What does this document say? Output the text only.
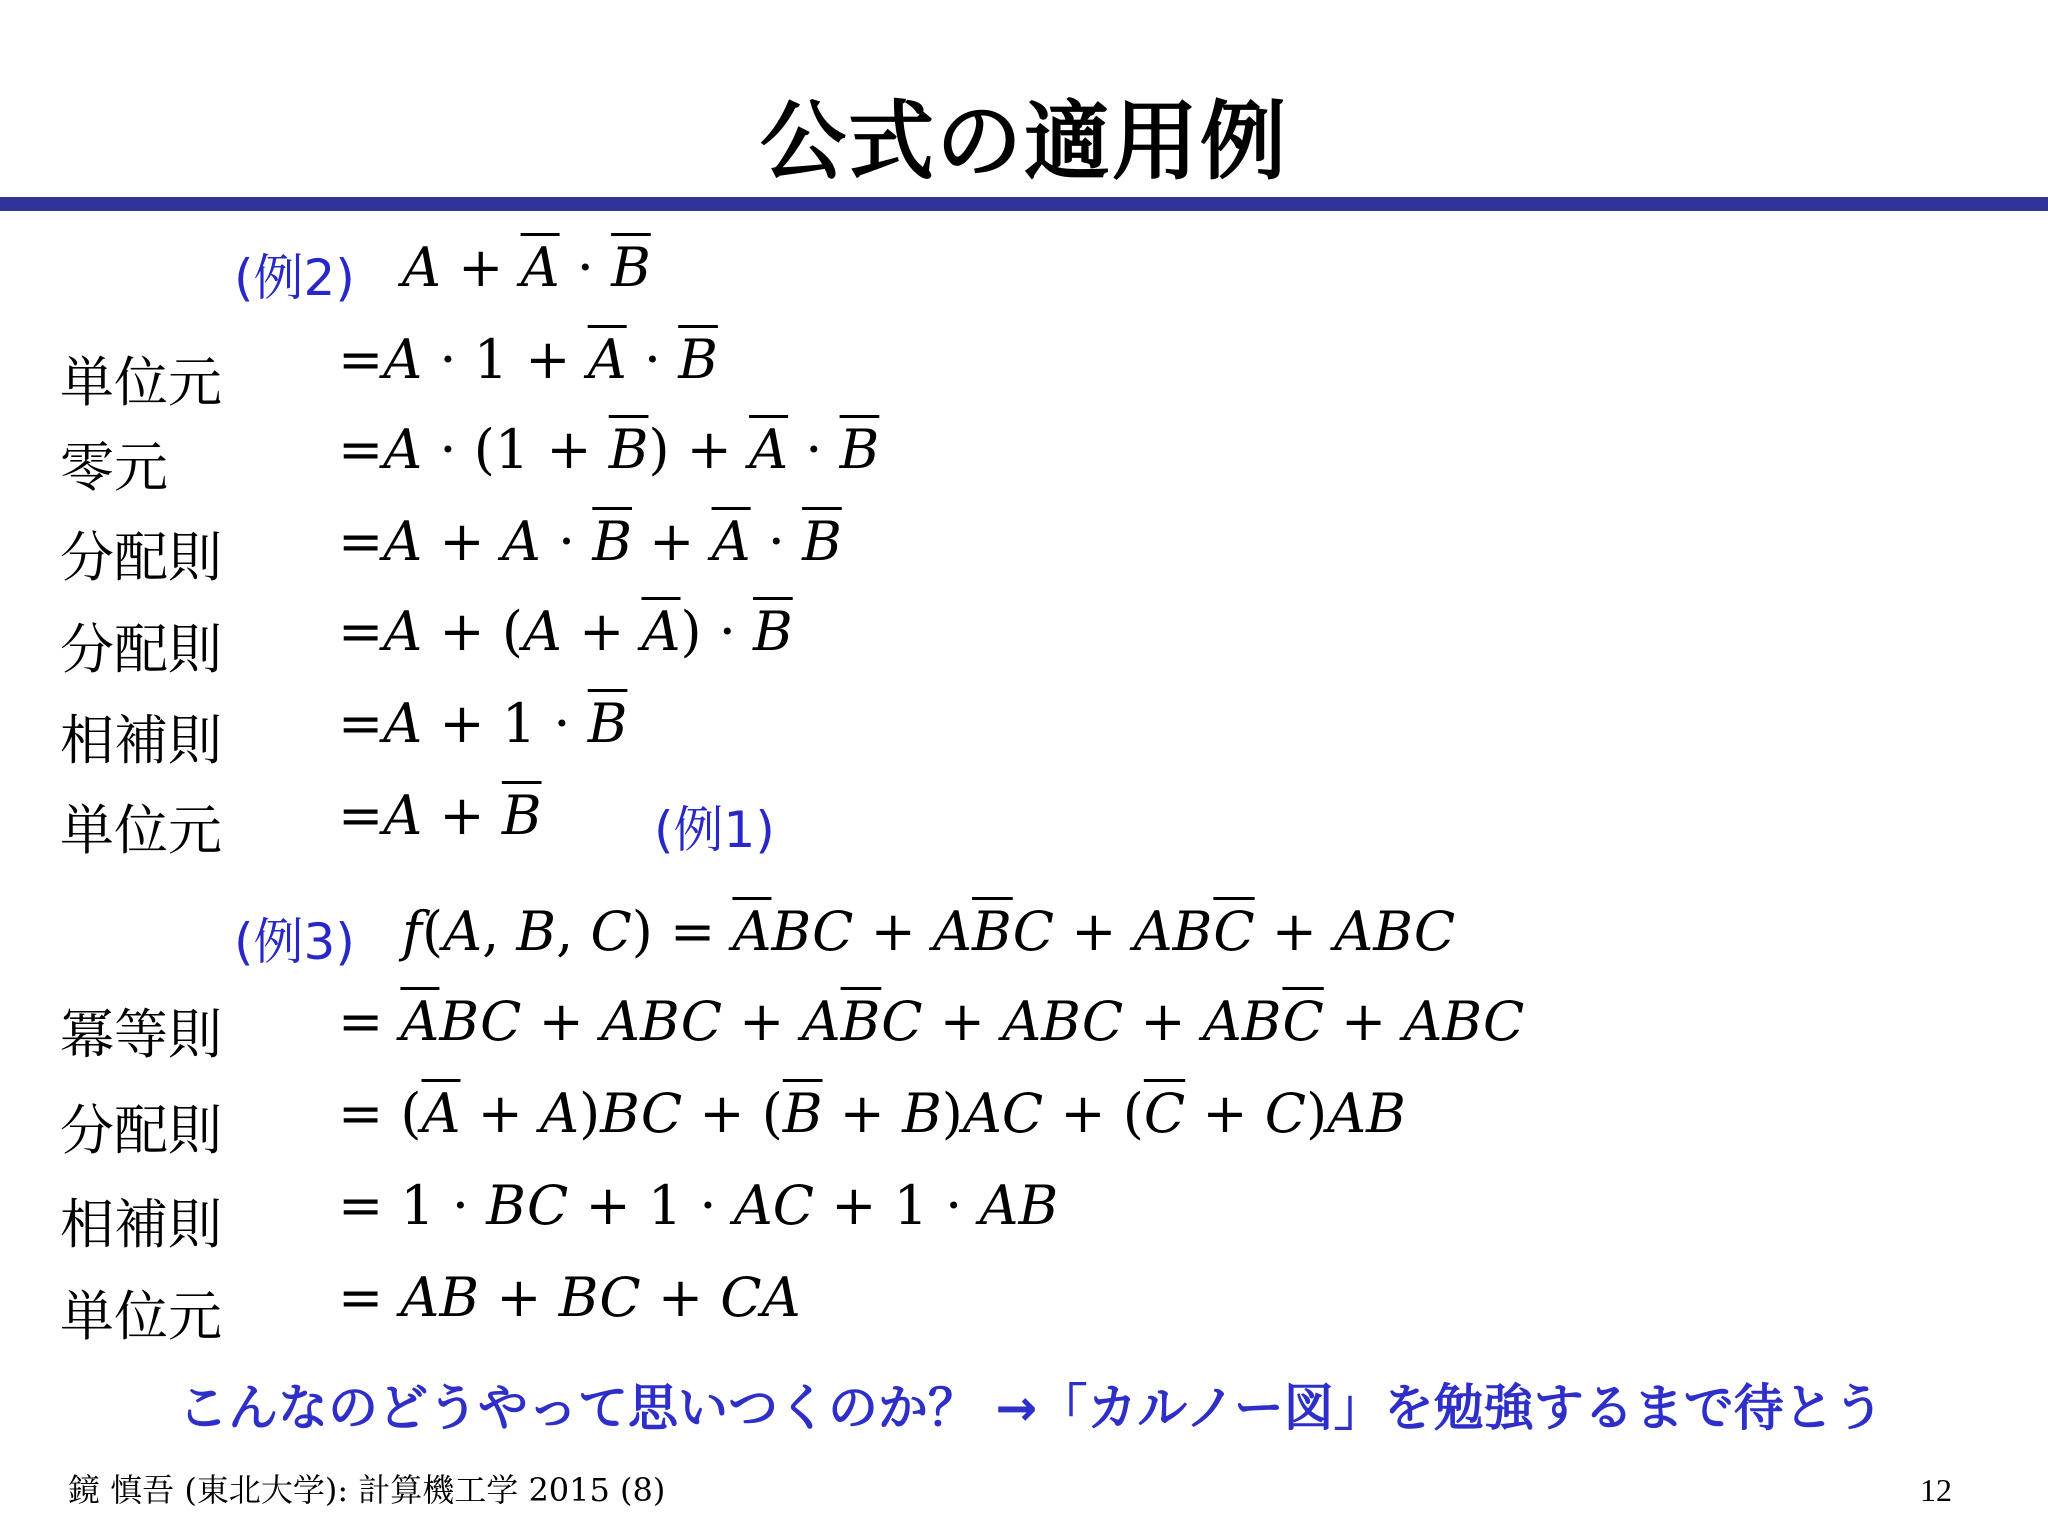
公式の適用例
(例2) $A + \overline{A} \cdot \overline{B}$
単位元 $=A \cdot 1 + \overline{A} \cdot \overline{B}$
零元	$=A \cdot (1 + \overline{B}) + \overline{A} \cdot \overline{B}$
分配則 $=A + A \cdot \overline{B} + \overline{A} \cdot \overline{B}$
分配則 $=A + (A + \overline{A}) \cdot \overline{B}$
相補則 $=A + 1 \cdot \overline{B}$
単位元 $=A + \overline{B}$ (例1)
(例3) f(A, B, $C) = \overline{A}BC + A\overline{B}C + AB\overline{C}$ + ABC
冪等則 = $\overline{A}BC$ + ABC + $A\overline{B}C$ + ABC + $AB\overline{C}$ + ABC
分配則 = $(\overline{A} + A)BC + (\overline{B} + B)AC + (\overline{C} + C)AB$
相補則 = 1 · BC + 1 · AC + 1 · AB
単位元 = AB + BC + CA
こんなのどうやって思いつくのか？ →「カルノー図」を勉強するまで待とう
鏡 慎吾 (東北大学): 計算機工学 2015 (8)	12
